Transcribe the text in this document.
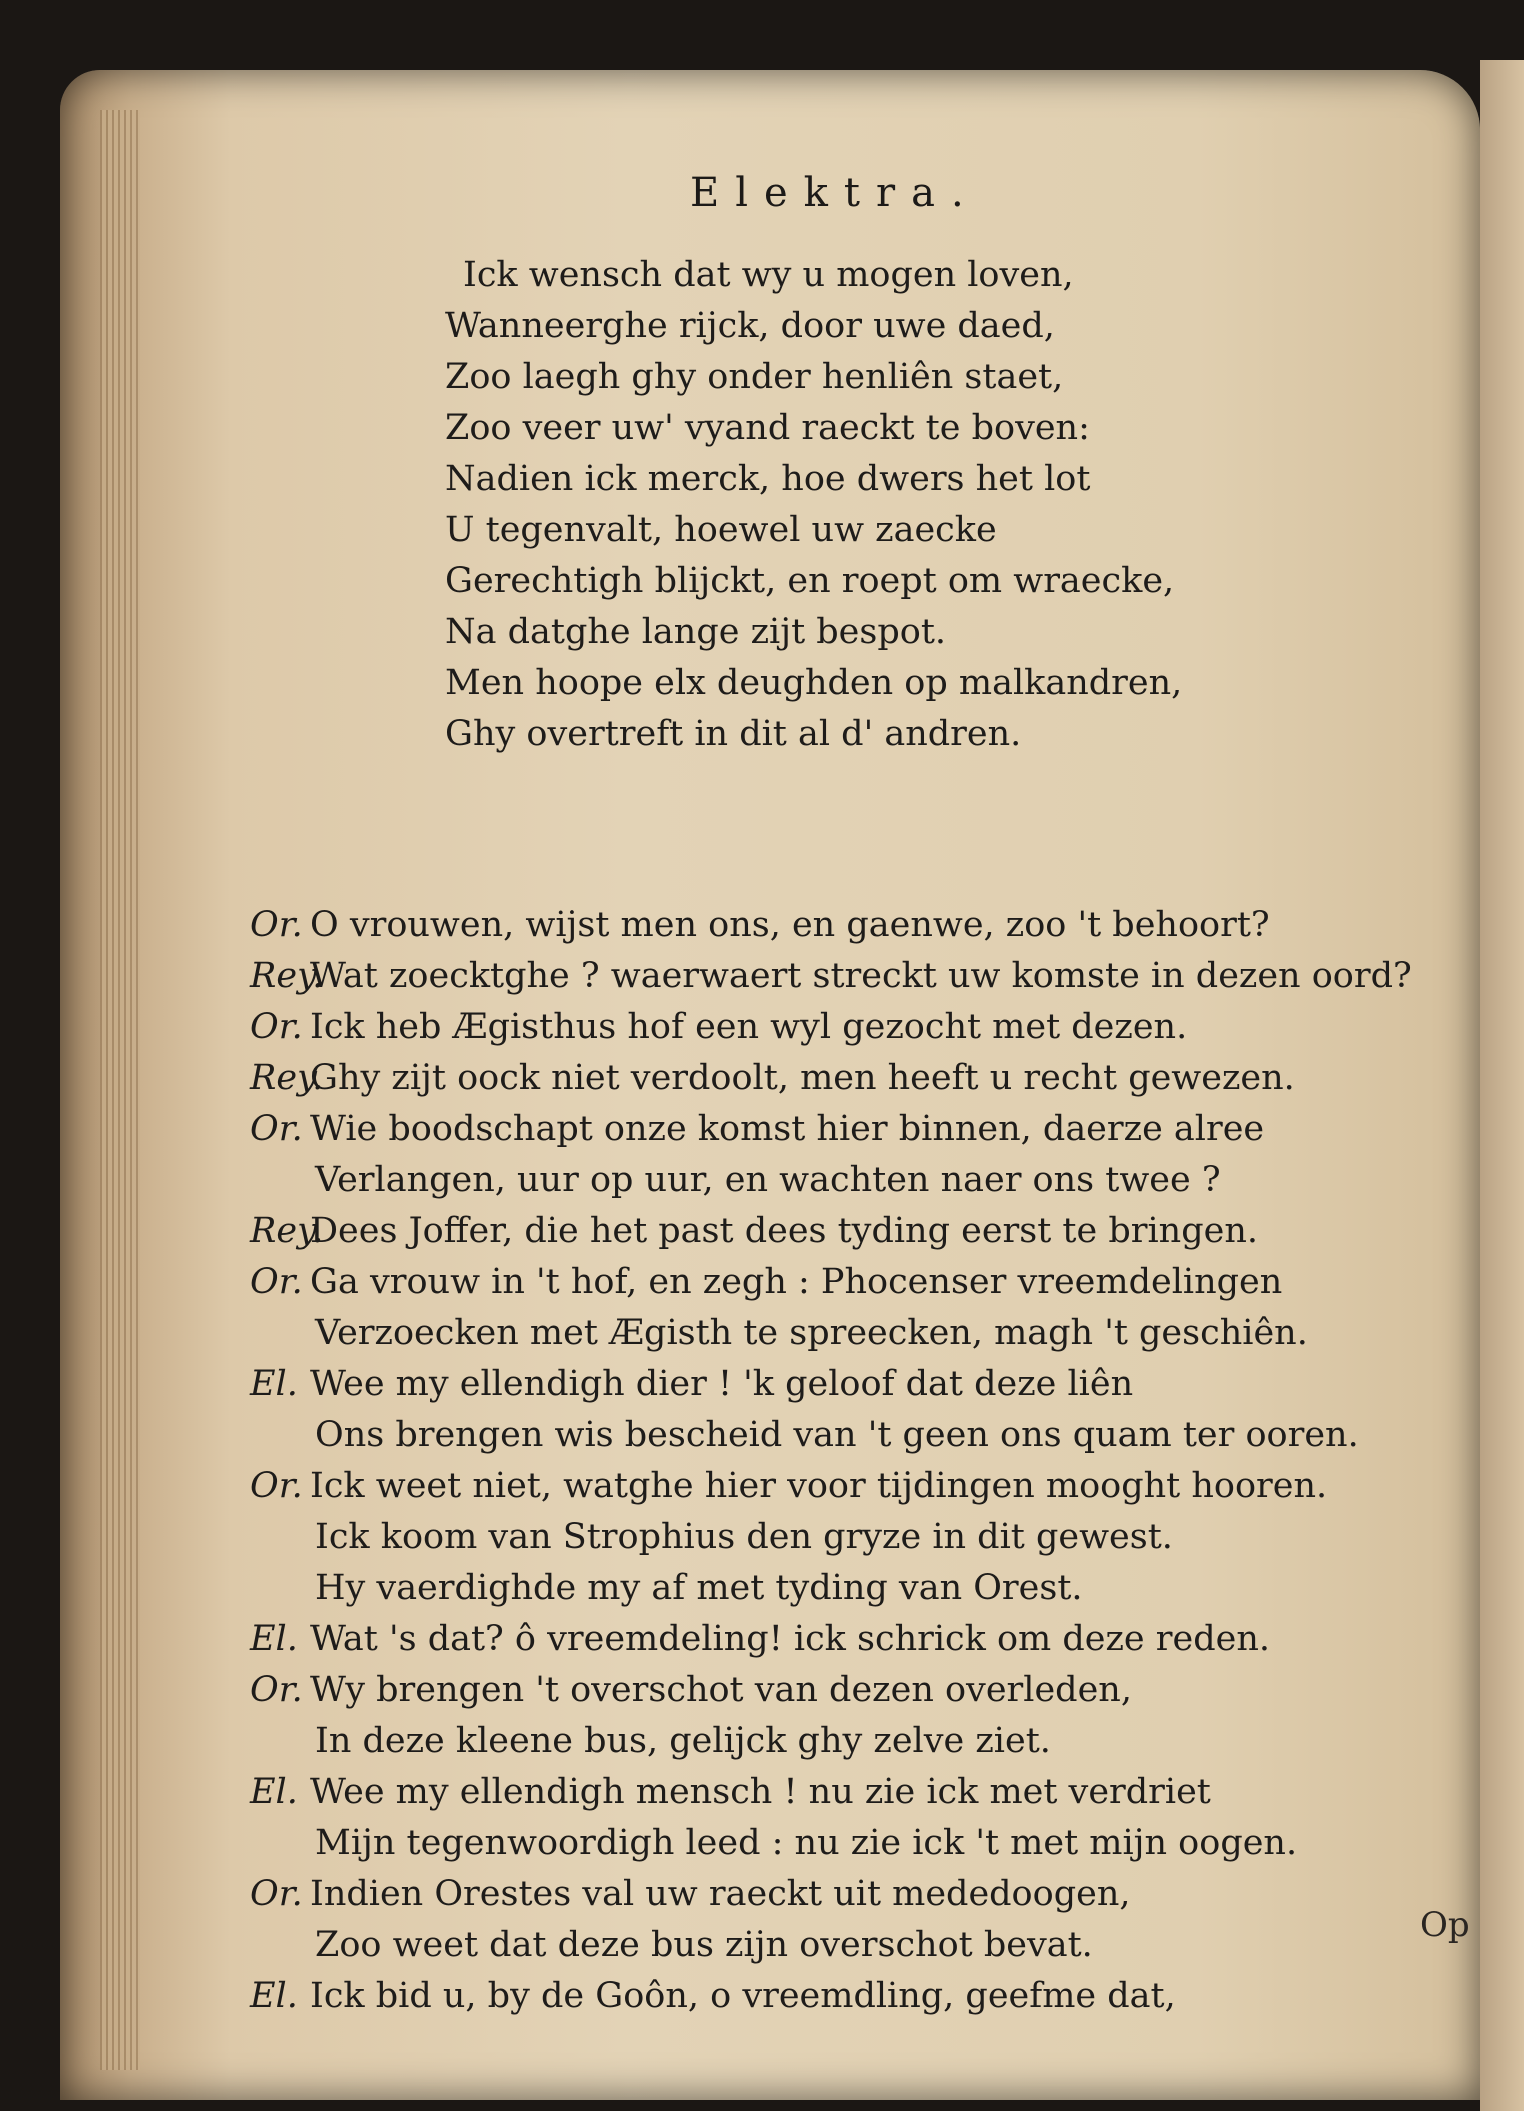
Elektra.
Ick wensch dat wy u mogen loven,
Wanneerghe rijck, door uwe daed,
Zoo laegh ghy onder henliên staet,
Zoo veer uw' vyand raeckt te boven:
Nadien ick merck, hoe dwers het lot
U tegenvalt, hoewel uw zaecke
Gerechtigh blijckt, en roept om wraecke,
Na datghe lange zijt bespot.
Men hoope elx deughden op malkandren,
Ghy overtreft in dit al d' andren.
Or. O vrouwen, wijst men ons, en gaenwe, zoo 't behoort?
Rey.Wat zoecktghe ? waerwaert streckt uw komste in dezen oord?
Or. Ick heb Ægisthus hof een wyl gezocht met dezen.
Rey.Ghy zijt oock niet verdoolt, men heeft u recht gewezen.
Or. Wie boodschapt onze komst hier binnen, daerze alree
Verlangen, uur op uur, en wachten naer ons twee ?
Rey.Dees Joffer, die het past dees tyding eerst te bringen.
Or. Ga vrouw in 't hof, en zegh : Phocenser vreemdelingen
Verzoecken met Ægisth te spreecken, magh 't geschiên.
El. Wee my ellendigh dier ! 'k geloof dat deze liên
Ons brengen wis bescheid van 't geen ons quam ter ooren.
Or. Ick weet niet, watghe hier voor tijdingen mooght hooren.
Ick koom van Strophius den gryze in dit gewest.
Hy vaerdighde my af met tyding van Orest.
El. Wat 's dat? ô vreemdeling! ick schrick om deze reden.
Or. Wy brengen 't overschot van dezen overleden,
In deze kleene bus, gelijck ghy zelve ziet.
El. Wee my ellendigh mensch ! nu zie ick met verdriet
Mijn tegenwoordigh leed : nu zie ick 't met mijn oogen.
Or. Indien Orestes val uw raeckt uit mededoogen,
Zoo weet dat deze bus zijn overschot bevat.
El. Ick bid u, by de Goôn, o vreemdling, geefme dat,
Op
